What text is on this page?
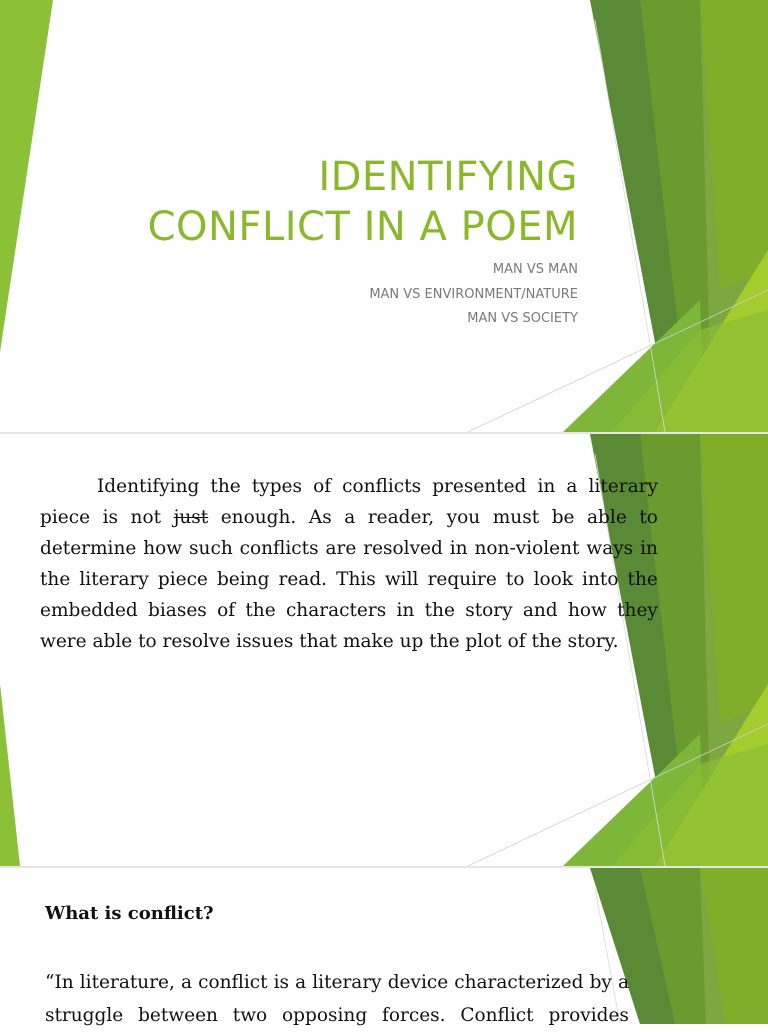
IDENTIFYING
CONFLICT IN A POEM
MAN VS MAN
MAN VS ENVIRONMENT/NATURE
MAN VS SOCIETY
Identifying the types of conflicts presented in a literary
piece is not just enough. As a reader, you must be able to
determine how such conflicts are resolved in non-violent ways in
the literary piece being read. This will require to look into the
embedded biases of the characters in the story and how they
were able to resolve issues that make up the plot of the story.
What is conflict?
“In literature, a conflict is a literary device characterized by a
struggle between two opposing forces. Conflict provides
